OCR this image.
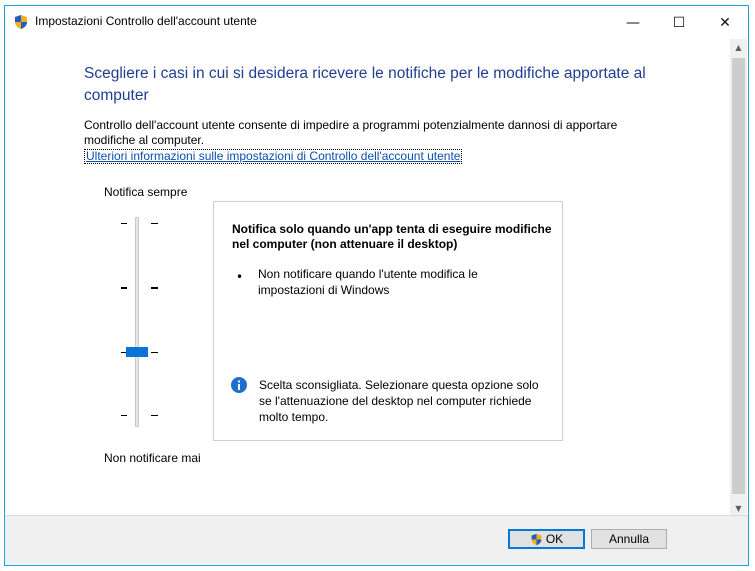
Impostazioni Controllo dell'account utente	— ☐ ✕
Scegliere i casi in cui si desidera ricevere le notifiche per le modifiche apportate al computer
Controllo dell'account utente consente di impedire a programmi potenzialmente dannosi di apportare modifiche al computer.
Ulteriori informazioni sulle impostazioni di Controllo dell'account utente
Notifica sempre
Non notificare mai
Notifica solo quando un'app tenta di eseguire modifiche nel computer (non attenuare il desktop)
• Non notificare quando l'utente modifica le impostazioni di Windows
Scelta sconsigliata. Selezionare questa opzione solo se l'attenuazione del desktop nel computer richiede molto tempo.
▲
▼
OK	Annulla
